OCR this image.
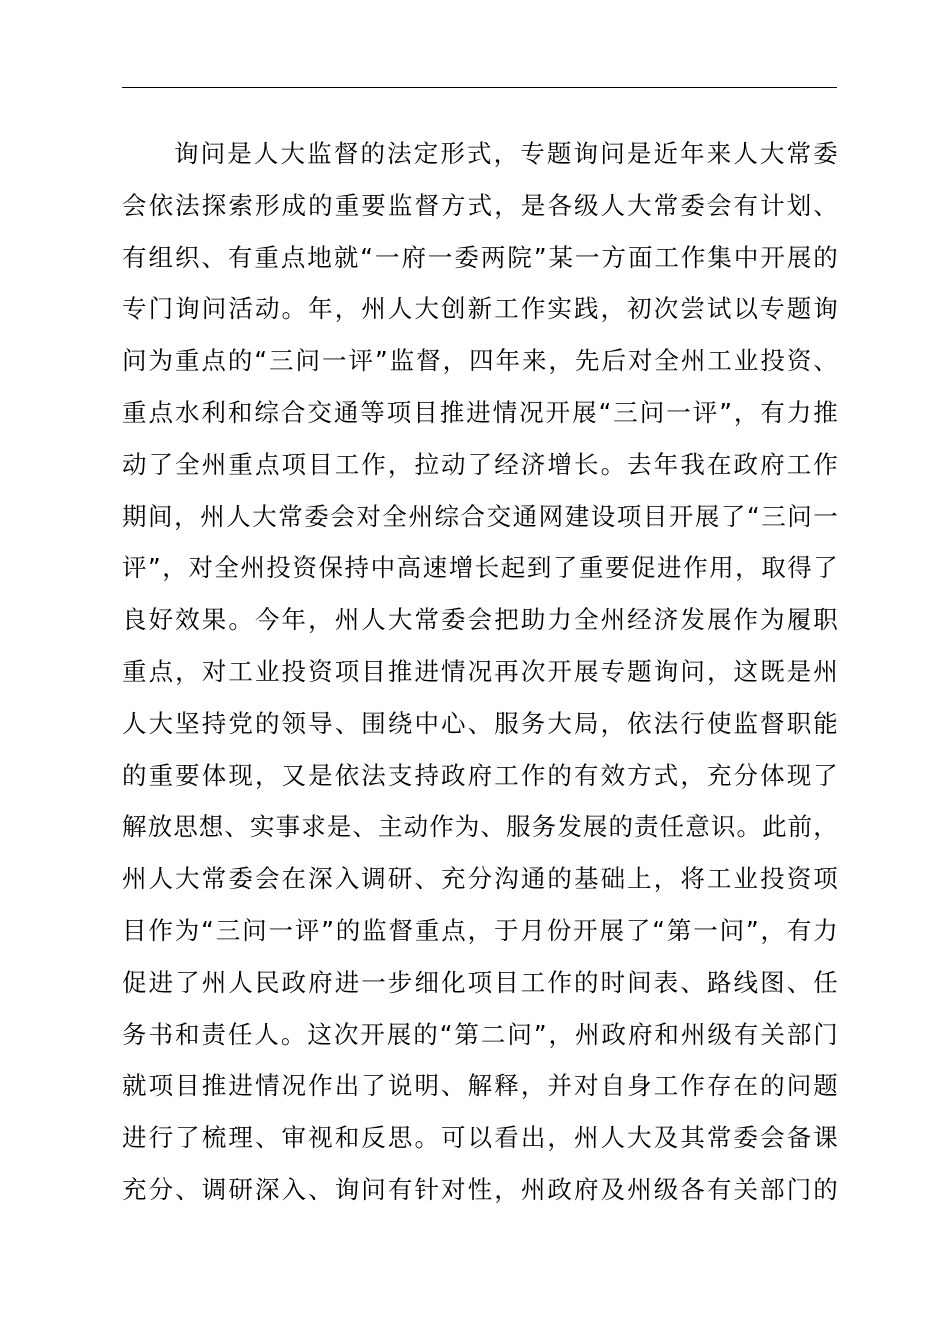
询问是人大监督的法定形式，专题询问是近年来人大常委
会依法探索形成的重要监督方式，是各级人大常委会有计划、
有组织、有重点地就“一府一委两院”某一方面工作集中开展的
专门询问活动。年，州人大创新工作实践，初次尝试以专题询
问为重点的“三问一评”监督，四年来，先后对全州工业投资、
重点水利和综合交通等项目推进情况开展“三问一评”，有力推
动了全州重点项目工作，拉动了经济增长。去年我在政府工作
期间，州人大常委会对全州综合交通网建设项目开展了“三问一
评”，对全州投资保持中高速增长起到了重要促进作用，取得了
良好效果。今年，州人大常委会把助力全州经济发展作为履职
重点，对工业投资项目推进情况再次开展专题询问，这既是州
人大坚持党的领导、围绕中心、服务大局，依法行使监督职能
的重要体现，又是依法支持政府工作的有效方式，充分体现了
解放思想、实事求是、主动作为、服务发展的责任意识。此前，
州人大常委会在深入调研、充分沟通的基础上，将工业投资项
目作为“三问一评”的监督重点，于月份开展了“第一问”，有力
促进了州人民政府进一步细化项目工作的时间表、路线图、任
务书和责任人。这次开展的“第二问”，州政府和州级有关部门
就项目推进情况作出了说明、解释，并对自身工作存在的问题
进行了梳理、审视和反思。可以看出，州人大及其常委会备课
充分、调研深入、询问有针对性，州政府及州级各有关部门的
